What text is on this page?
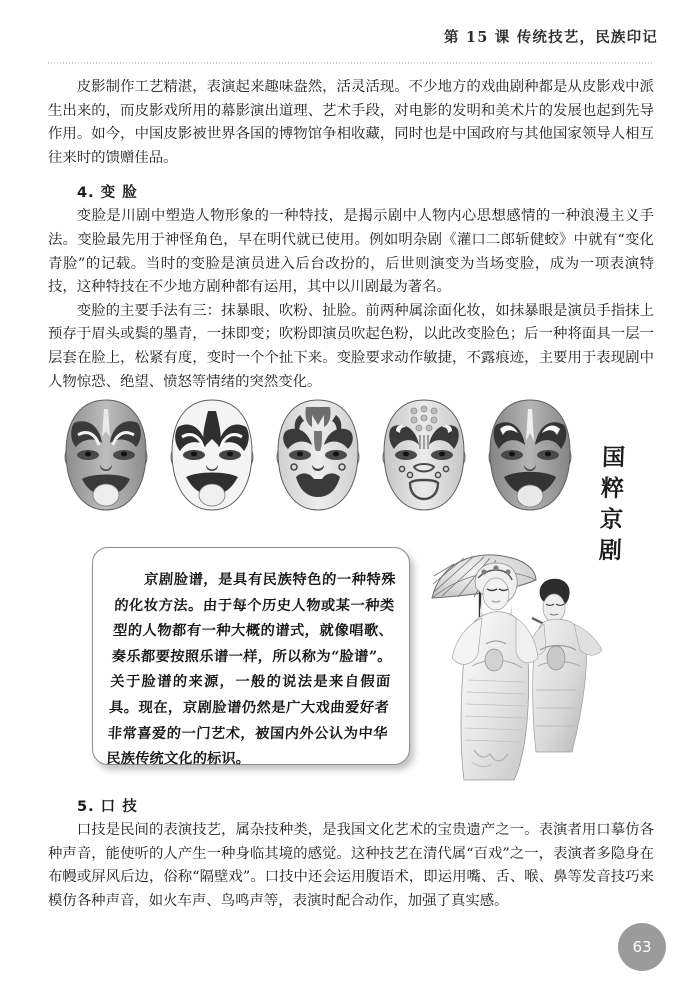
第 15 课 传统技艺，民族印记

皮影制作工艺精湛，表演起来趣味盎然，活灵活现。不少地方的戏曲剧种都是从皮影戏中派生出来的，而皮影戏所用的幕影演出道理、艺术手段，对电影的发明和美术片的发展也起到先导作用。如今，中国皮影被世界各国的博物馆争相收藏，同时也是中国政府与其他国家领导人相互往来时的馈赠佳品。

4. 变 脸

变脸是川剧中塑造人物形象的一种特技，是揭示剧中人物内心思想感情的一种浪漫主义手法。变脸最先用于神怪角色，早在明代就已使用。例如明杂剧《灌口二郎斩健蛟》中就有“变化青脸”的记载。当时的变脸是演员进入后台改扮的，后世则演变为当场变脸，成为一项表演特技，这种特技在不少地方剧种都有运用，其中以川剧最为著名。

变脸的主要手法有三：抹暴眼、吹粉、扯脸。前两种属涂面化妆，如抹暴眼是演员手指抹上预存于眉头或鬓的墨青，一抹即变；吹粉即演员吹起色粉，以此改变脸色；后一种将面具一层一层套在脸上，松紧有度，变时一个个扯下来。变脸要求动作敏捷，不露痕迹，主要用于表现剧中人物惊恐、绝望、愤怒等情绪的突然变化。

国
粹
京
剧

京剧脸谱，是具有民族特色的一种特殊的化妆方法。由于每个历史人物或某一种类型的人物都有一种大概的谱式，就像唱歌、奏乐都要按照乐谱一样，所以称为“脸谱”。关于脸谱的来源，一般的说法是来自假面具。现在，京剧脸谱仍然是广大戏曲爱好者非常喜爱的一门艺术，被国内外公认为中华民族传统文化的标识。

5. 口 技

口技是民间的表演技艺，属杂技种类，是我国文化艺术的宝贵遗产之一。表演者用口摹仿各种声音，能使听的人产生一种身临其境的感觉。这种技艺在清代属“百戏”之一，表演者多隐身在布幔或屏风后边，俗称“隔壁戏”。口技中还会运用腹语术，即运用嘴、舌、喉、鼻等发音技巧来模仿各种声音，如火车声、鸟鸣声等，表演时配合动作，加强了真实感。

63
